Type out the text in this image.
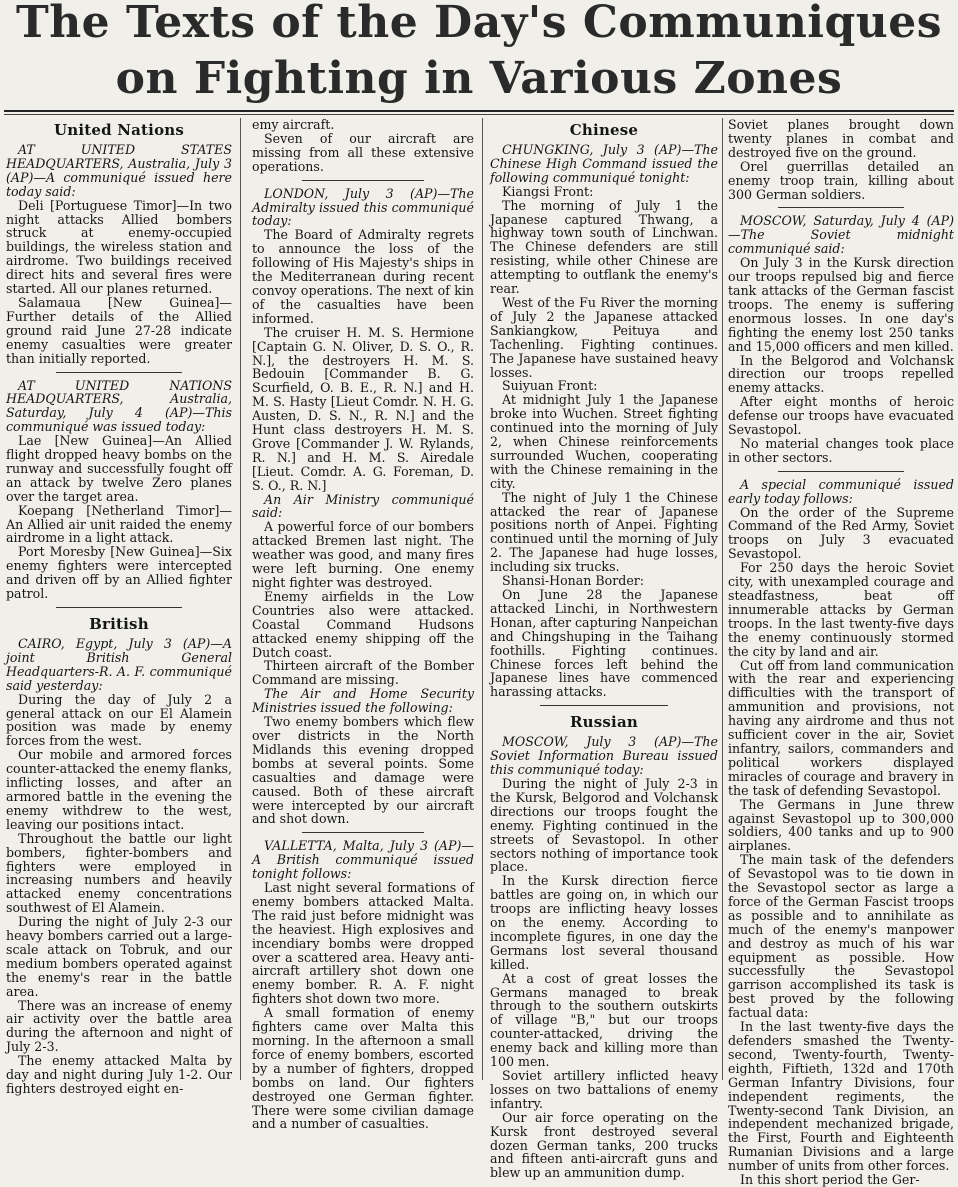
The Texts of the Day's Communiques
on Fighting in Various Zones
United Nations

AT UNITED STATES HEADQUARTERS, Australia, July 3 (AP)—A communiqué issued here today said:

Deli [Portuguese Timor]—In two night attacks Allied bombers struck at enemy-occupied buildings, the wireless station and airdrome. Two buildings received direct hits and several fires were started. All our planes returned.

Salamaua [New Guinea]—Further details of the Allied ground raid June 27-28 indicate enemy casualties were greater than initially reported.

AT UNITED NATIONS HEADQUARTERS, Australia, Saturday, July 4 (AP)—This communiqué was issued today:

Lae [New Guinea]—An Allied flight dropped heavy bombs on the runway and successfully fought off an attack by twelve Zero planes over the target area.

Koepang [Netherland Timor]—An Allied air unit raided the enemy airdrome in a light attack.

Port Moresby [New Guinea]—Six enemy fighters were intercepted and driven off by an Allied fighter patrol.

British

CAIRO, Egypt, July 3 (AP)—A joint British General Headquarters-R. A. F. communiqué said yesterday:

During the day of July 2 a general attack on our El Alamein position was made by enemy forces from the west.

Our mobile and armored forces counter-attacked the enemy flanks, inflicting losses, and after an armored battle in the evening the enemy withdrew to the west, leaving our positions intact.

Throughout the battle our light bombers, fighter-bombers and fighters were employed in increasing numbers and heavily attacked enemy concentrations southwest of El Alamein.

During the night of July 2-3 our heavy bombers carried out a large-scale attack on Tobruk, and our medium bombers operated against the enemy's rear in the battle area.

There was an increase of enemy air activity over the battle area during the afternoon and night of July 2-3.

The enemy attacked Malta by day and night during July 1-2. Our fighters destroyed eight en-

emy aircraft.

Seven of our aircraft are missing from all these extensive operations.

LONDON, July 3 (AP)—The Admiralty issued this communiqué today:

The Board of Admiralty regrets to announce the loss of the following of His Majesty's ships in the Mediterranean during recent convoy operations. The next of kin of the casualties have been informed.

The cruiser H. M. S. Hermione [Captain G. N. Oliver, D. S. O., R. N.], the destroyers H. M. S. Bedouin [Commander B. G. Scurfield, O. B. E., R. N.] and H. M. S. Hasty [Lieut Comdr. N. H. G. Austen, D. S. N., R. N.] and the Hunt class destroyers H. M. S. Grove [Commander J. W. Rylands, R. N.] and H. M. S. Airedale [Lieut. Comdr. A. G. Foreman, D. S. O., R. N.]

An Air Ministry communiqué said:

A powerful force of our bombers attacked Bremen last night. The weather was good, and many fires were left burning. One enemy night fighter was destroyed.

Enemy airfields in the Low Countries also were attacked. Coastal Command Hudsons attacked enemy shipping off the Dutch coast.

Thirteen aircraft of the Bomber Command are missing.

The Air and Home Security Ministries issued the following:

Two enemy bombers which flew over districts in the North Midlands this evening dropped bombs at several points. Some casualties and damage were caused. Both of these aircraft were intercepted by our aircraft and shot down.

VALLETTA, Malta, July 3 (AP)—A British communiqué issued tonight follows:

Last night several formations of enemy bombers attacked Malta. The raid just before midnight was the heaviest. High explosives and incendiary bombs were dropped over a scattered area. Heavy anti-aircraft artillery shot down one enemy bomber. R. A. F. night fighters shot down two more.

A small formation of enemy fighters came over Malta this morning. In the afternoon a small force of enemy bombers, escorted by a number of fighters, dropped bombs on land. Our fighters destroyed one German fighter. There were some civilian damage and a number of casualties.

Chinese

CHUNGKING, July 3 (AP)—The Chinese High Command issued the following communiqué tonight:

Kiangsi Front:

The morning of July 1 the Japanese captured Thwang, a highway town south of Linchwan. The Chinese defenders are still resisting, while other Chinese are attempting to outflank the enemy's rear.

West of the Fu River the morning of July 2 the Japanese attacked Sankiangkow, Peituya and Tachenling. Fighting continues. The Japanese have sustained heavy losses.

Suiyuan Front:

At midnight July 1 the Japanese broke into Wuchen. Street fighting continued into the morning of July 2, when Chinese reinforcements surrounded Wuchen, cooperating with the Chinese remaining in the city.

The night of July 1 the Chinese attacked the rear of Japanese positions north of Anpei. Fighting continued until the morning of July 2. The Japanese had huge losses, including six trucks.

Shansi-Honan Border:

On June 28 the Japanese attacked Linchi, in Northwestern Honan, after capturing Nanpeichan and Chingshuping in the Taihang foothills. Fighting continues. Chinese forces left behind the Japanese lines have commenced harassing attacks.

Russian

MOSCOW, July 3 (AP)—The Soviet Information Bureau issued this communiqué today:

During the night of July 2-3 in the Kursk, Belgorod and Volchansk directions our troops fought the enemy. Fighting continued in the streets of Sevastopol. In other sectors nothing of importance took place.

In the Kursk direction fierce battles are going on, in which our troops are inflicting heavy losses on the enemy. According to incomplete figures, in one day the Germans lost several thousand killed.

At a cost of great losses the Germans managed to break through to the southern outskirts of village "B," but our troops counter-attacked, driving the enemy back and killing more than 100 men.

Soviet artillery inflicted heavy losses on two battalions of enemy infantry.

Our air force operating on the Kursk front destroyed several dozen German tanks, 200 trucks and fifteen anti-aircraft guns and blew up an ammunition dump.

Soviet planes brought down twenty planes in combat and destroyed five on the ground.

Orel guerrillas detailed an enemy troop train, killing about 300 German soldiers.

MOSCOW, Saturday, July 4 (AP)—The Soviet midnight communiqué said:

On July 3 in the Kursk direction our troops repulsed big and fierce tank attacks of the German fascist troops. The enemy is suffering enormous losses. In one day's fighting the enemy lost 250 tanks and 15,000 officers and men killed.

In the Belgorod and Volchansk direction our troops repelled enemy attacks.

After eight months of heroic defense our troops have evacuated Sevastopol.

No material changes took place in other sectors.

A special communiqué issued early today follows:

On the order of the Supreme Command of the Red Army, Soviet troops on July 3 evacuated Sevastopol.

For 250 days the heroic Soviet city, with unexampled courage and steadfastness, beat off innumerable attacks by German troops. In the last twenty-five days the enemy continuously stormed the city by land and air.

Cut off from land communication with the rear and experiencing difficulties with the transport of ammunition and provisions, not having any airdrome and thus not sufficient cover in the air, Soviet infantry, sailors, commanders and political workers displayed miracles of courage and bravery in the task of defending Sevastopol.

The Germans in June threw against Sevastopol up to 300,000 soldiers, 400 tanks and up to 900 airplanes.

The main task of the defenders of Sevastopol was to tie down in the Sevastopol sector as large a force of the German Fascist troops as possible and to annihilate as much of the enemy's manpower and destroy as much of his war equipment as possible. How successfully the Sevastopol garrison accomplished its task is best proved by the following factual data:

In the last twenty-five days the defenders smashed the Twenty-second, Twenty-fourth, Twenty-eighth, Fiftieth, 132d and 170th German Infantry Divisions, four independent regiments, the Twenty-second Tank Division, an independent mechanized brigade, the First, Fourth and Eighteenth Rumanian Divisions and a large number of units from other forces.

In this short period the Ger-
